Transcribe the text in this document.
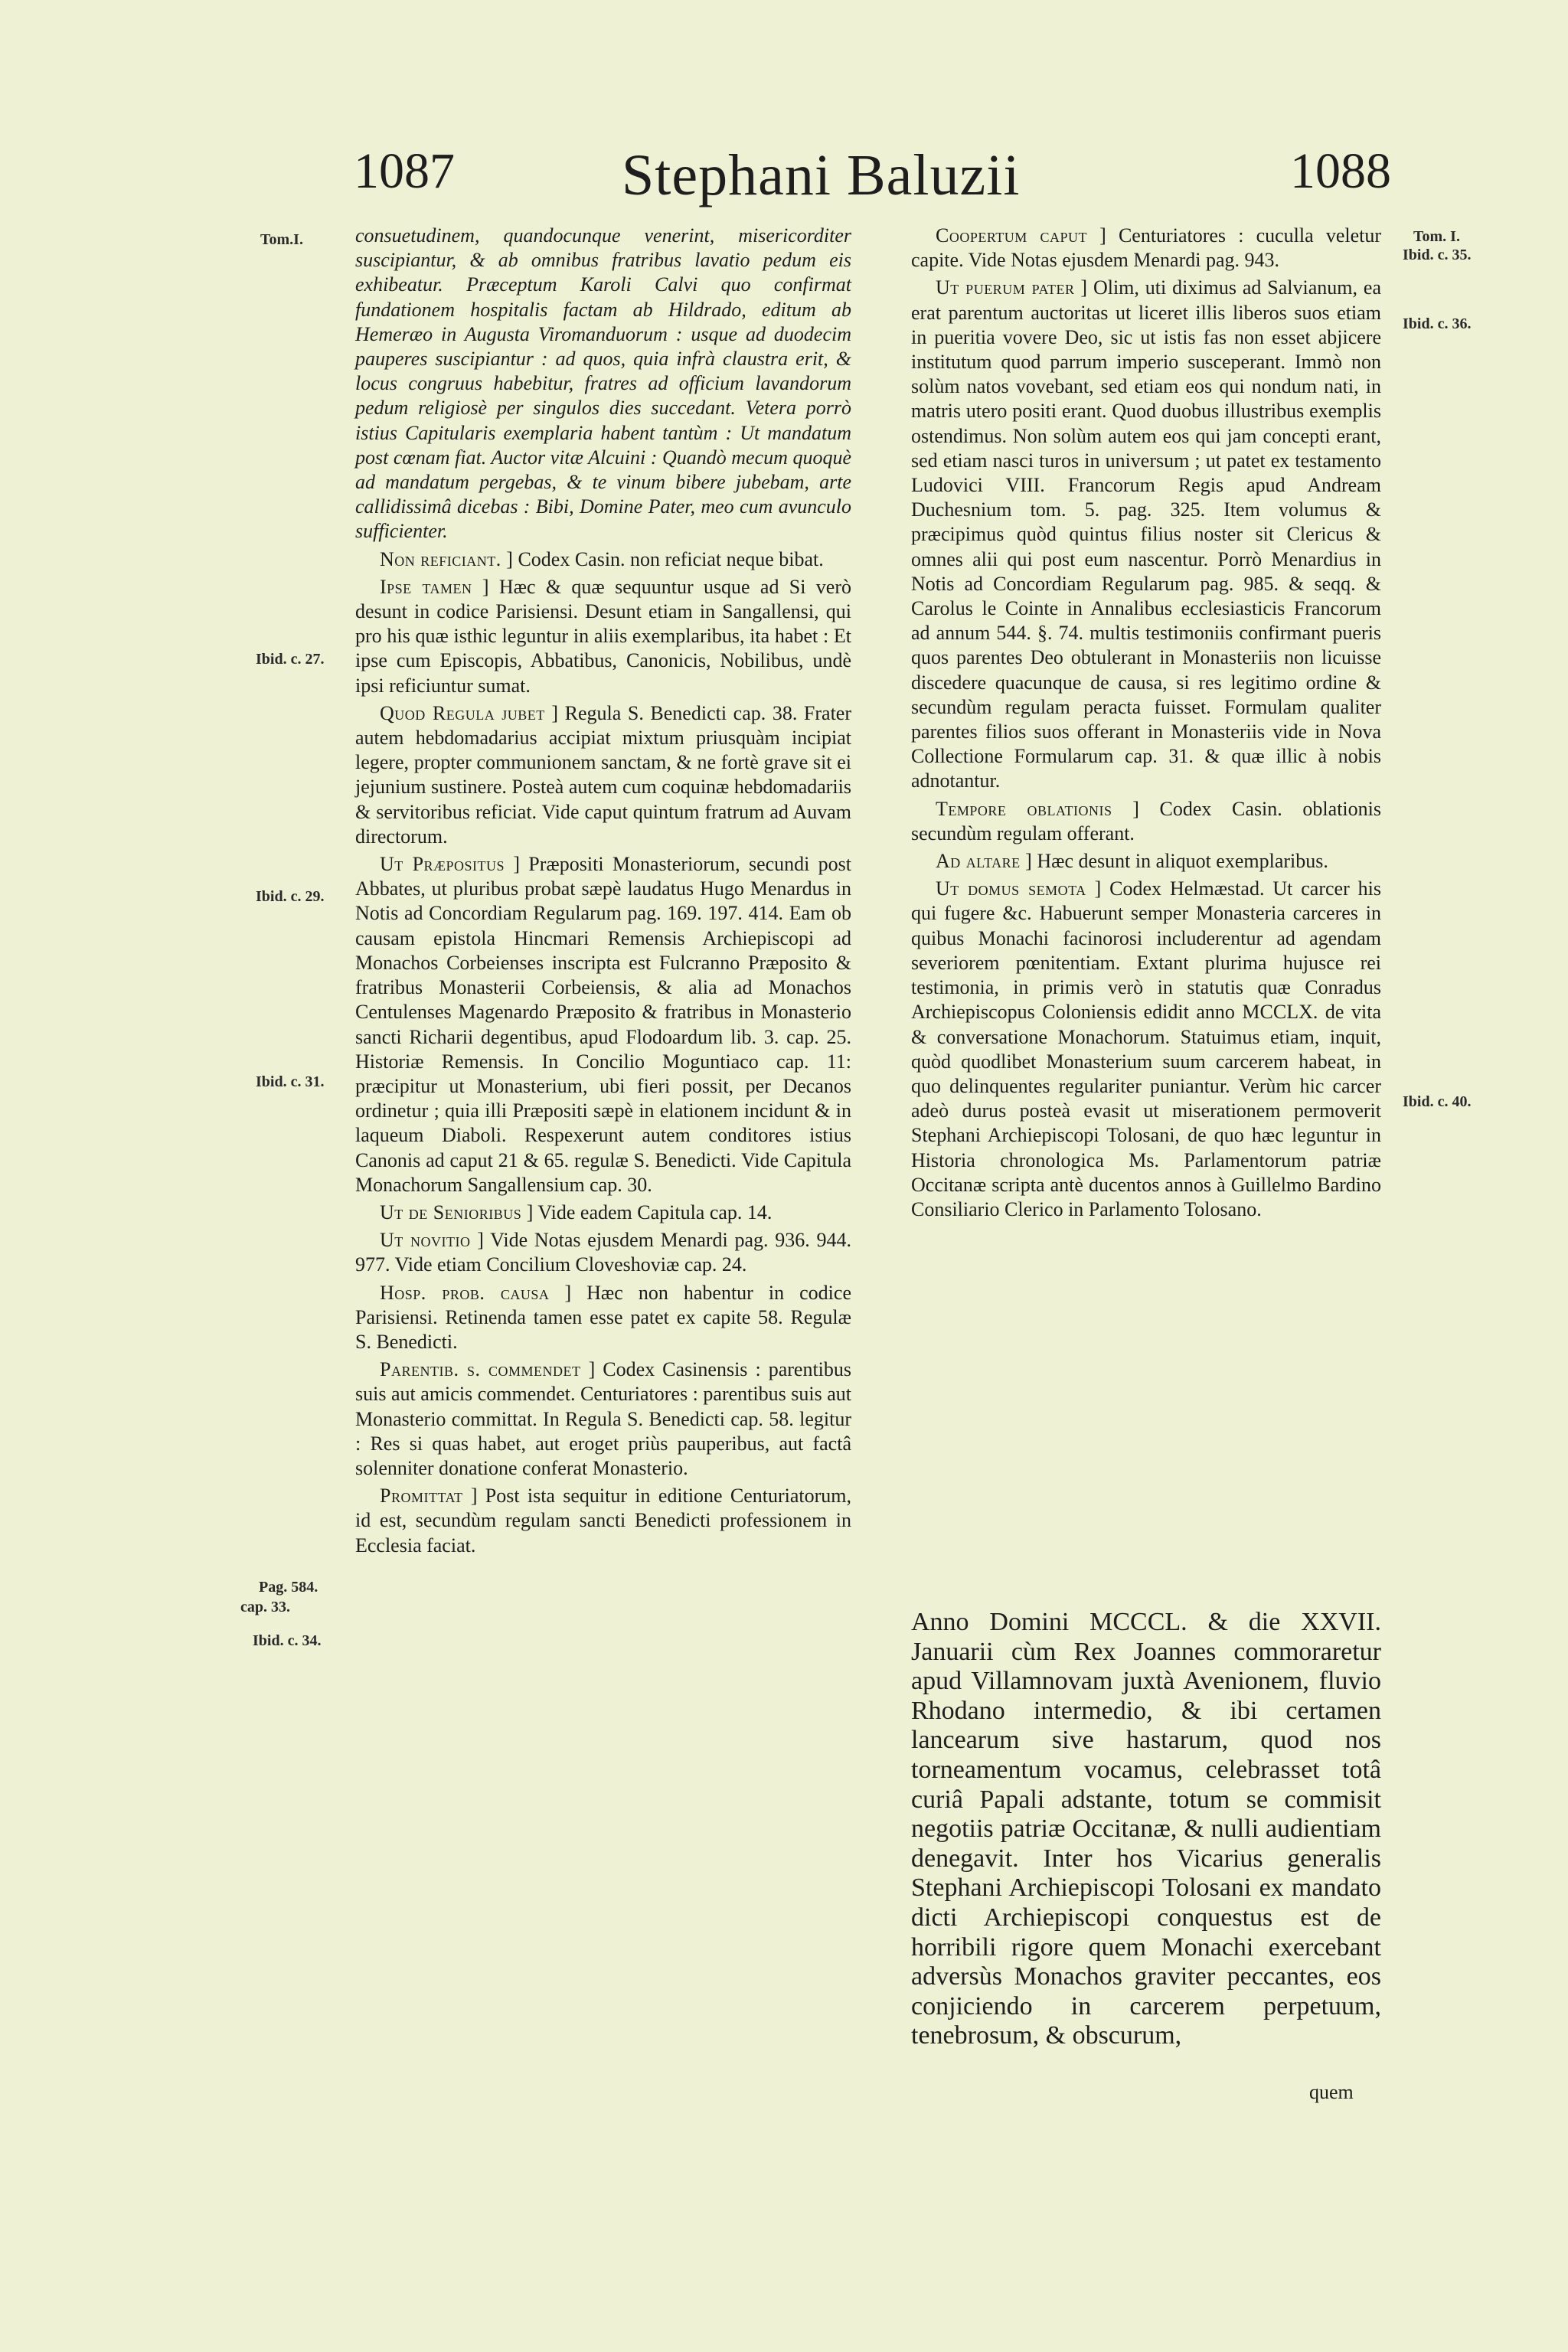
1087	Stephani Baluzii	1088
Tom.I.
Ibid. c. 27.
Ibid. c. 29.
Ibid. c. 31.
Pag. 584.
cap. 33.
Ibid. c. 34.
Tom. I.
Ibid. c. 35.
Ibid. c. 36.
Ibid. c. 40.

consuetudinem, quandocunque venerint, misericorditer suscipiantur, & ab omnibus fratribus lavatio pedum eis exhibeatur. Præceptum Karoli Calvi quo confirmat fundationem hospitalis factam ab Hildrado, editum ab Hemeræo in Augusta Viromanduorum : usque ad duodecim pauperes suscipiantur : ad quos, quia infrà claustra erit, & locus congruus habebitur, fratres ad officium lavandorum pedum religiosè per singulos dies succedant. Vetera porrò istius Capitularis exemplaria habent tantùm : Ut mandatum post cœnam fiat. Auctor vitæ Alcuini : Quandò mecum quoquè ad mandatum pergebas, & te vinum bibere jubebam, arte callidissimâ dicebas : Bibi, Domine Pater, meo cum avunculo sufficienter.

Non reficiant. ] Codex Casin. non reficiat neque bibat.

Ipse tamen ] Hæc & quæ sequuntur usque ad Si verò desunt in codice Parisiensi. Desunt etiam in Sangallensi, qui pro his quæ isthic leguntur in aliis exemplaribus, ita habet : Et ipse cum Episcopis, Abbatibus, Canonicis, Nobilibus, undè ipsi reficiuntur sumat.

Quod Regula jubet ] Regula S. Benedicti cap. 38. Frater autem hebdomadarius accipiat mixtum priusquàm incipiat legere, propter communionem sanctam, & ne fortè grave sit ei jejunium sustinere. Posteà autem cum coquinæ hebdomadariis & servitoribus reficiat. Vide caput quintum fratrum ad Auvam directorum.

Ut Præpositus ] Præpositi Monasteriorum, secundi post Abbates, ut pluribus probat sæpè laudatus Hugo Menardus in Notis ad Concordiam Regularum pag. 169. 197. 414. Eam ob causam epistola Hincmari Remensis Archiepiscopi ad Monachos Corbeienses inscripta est Fulcranno Præposito & fratribus Monasterii Corbeiensis, & alia ad Monachos Centulenses Magenardo Præposito & fratribus in Monasterio sancti Richarii degentibus, apud Flodoardum lib. 3. cap. 25. Historiæ Remensis. In Concilio Moguntiaco cap. 11: præcipitur ut Monasterium, ubi fieri possit, per Decanos ordinetur ; quia illi Præpositi sæpè in elationem incidunt & in laqueum Diaboli. Respexerunt autem conditores istius Canonis ad caput 21 & 65. regulæ S. Benedicti. Vide Capitula Monachorum Sangallensium cap. 30.

Ut de Senioribus ] Vide eadem Capitula cap. 14.

Ut novitio ] Vide Notas ejusdem Menardi pag. 936. 944. 977. Vide etiam Concilium Cloveshoviæ cap. 24.

Hosp. prob. causa ] Hæc non habentur in codice Parisiensi. Retinenda tamen esse patet ex capite 58. Regulæ S. Benedicti.

Parentib. s. commendet ] Codex Casinensis : parentibus suis aut amicis commendet. Centuriatores : parentibus suis aut Monasterio committat. In Regula S. Benedicti cap. 58. legitur : Res si quas habet, aut eroget priùs pauperibus, aut factâ solenniter donatione conferat Monasterio.

Promittat ] Post ista sequitur in editione Centuriatorum, id est, secundùm regulam sancti Benedicti professionem in Ecclesia faciat.

Coopertum caput ] Centuriatores : cuculla veletur capite. Vide Notas ejusdem Menardi pag. 943.

Ut puerum pater ] Olim, uti diximus ad Salvianum, ea erat parentum auctoritas ut liceret illis liberos suos etiam in pueritia vovere Deo, sic ut istis fas non esset abjicere institutum quod parrum imperio susceperant. Immò non solùm natos vovebant, sed etiam eos qui nondum nati, in matris utero positi erant. Quod duobus illustribus exemplis ostendimus. Non solùm autem eos qui jam concepti erant, sed etiam nasci turos in universum ; ut patet ex testamento Ludovici VIII. Francorum Regis apud Andream Duchesnium tom. 5. pag. 325. Item volumus & præcipimus quòd quintus filius noster sit Clericus & omnes alii qui post eum nascentur. Porrò Menardius in Notis ad Concordiam Regularum pag. 985. & seqq. & Carolus le Cointe in Annalibus ecclesiasticis Francorum ad annum 544. §. 74. multis testimoniis confirmant pueris quos parentes Deo obtulerant in Monasteriis non licuisse discedere quacunque de causa, si res legitimo ordine & secundùm regulam peracta fuisset. Formulam qualiter parentes filios suos offerant in Monasteriis vide in Nova Collectione Formularum cap. 31. & quæ illic à nobis adnotantur.

Tempore oblationis ] Codex Casin. oblationis secundùm regulam offerant.

Ad altare ] Hæc desunt in aliquot exemplaribus.

Ut domus semota ] Codex Helmæstad. Ut carcer his qui fugere &c. Habuerunt semper Monasteria carceres in quibus Monachi facinorosi includerentur ad agendam severiorem pœnitentiam. Extant plurima hujusce rei testimonia, in primis verò in statutis quæ Conradus Archiepiscopus Coloniensis edidit anno MCCLX. de vita & conversatione Monachorum. Statuimus etiam, inquit, quòd quodlibet Monasterium suum carcerem habeat, in quo delinquentes regulariter puniantur. Verùm hic carcer adeò durus posteà evasit ut miserationem permoverit Stephani Archiepiscopi Tolosani, de quo hæc leguntur in Historia chronologica Ms. Parlamentorum patriæ Occitanæ scripta antè ducentos annos à Guillelmo Bardino Consiliario Clerico in Parlamento Tolosano.

Anno Domini MCCCL. & die XXVII. Januarii cùm Rex Joannes commoraretur apud Villamnovam juxtà Avenionem, fluvio Rhodano intermedio, & ibi certamen lancearum sive hastarum, quod nos torneamentum vocamus, celebrasset totâ curiâ Papali adstante, totum se commisit negotiis patriæ Occitanæ, & nulli audientiam denegavit. Inter hos Vicarius generalis Stephani Archiepiscopi Tolosani ex mandato dicti Archiepiscopi conquestus est de horribili rigore quem Monachi exercebant adversùs Monachos graviter peccantes, eos conjiciendo in carcerem perpetuum, tenebrosum, & obscurum,
quem
